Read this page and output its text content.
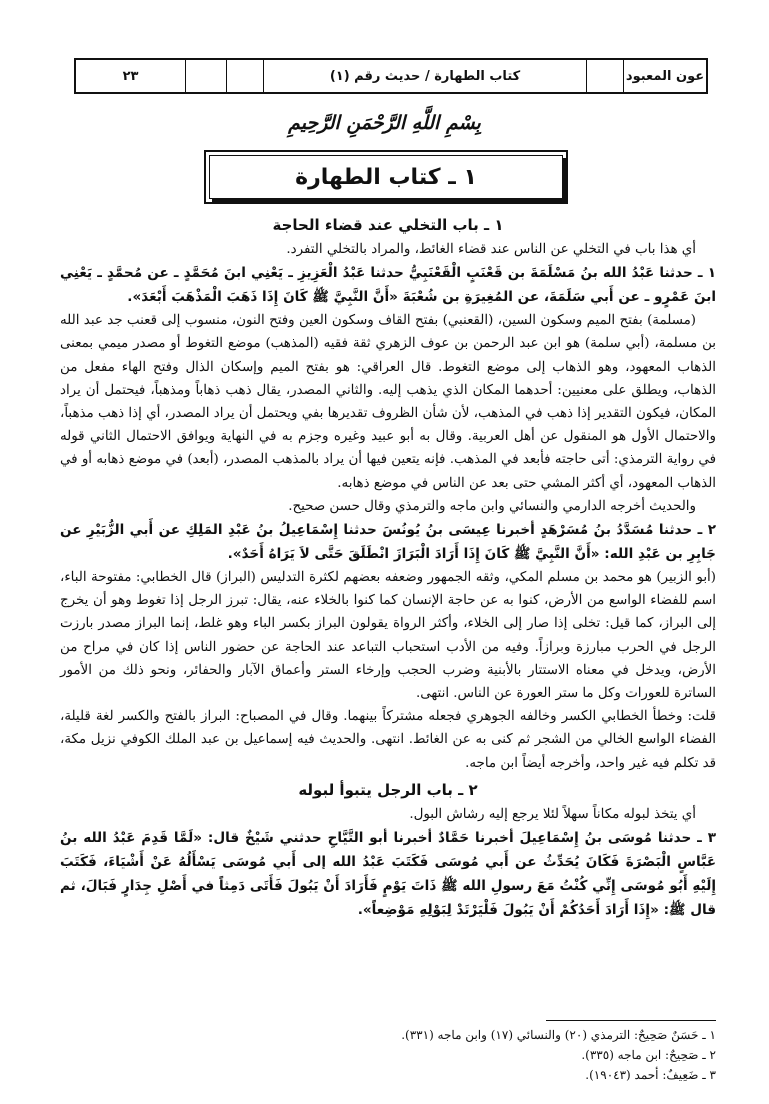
عون المعبود
كتاب الطهارة / حديث رقم (١)
٢٣
بِسْمِ اللَّهِ الرَّحْمَنِ الرَّحِيمِ
١ ـ كتاب الطهارة

١ ـ باب التخلي عند قضاء الحاجة

أي هذا باب في التخلي عن الناس عند قضاء الغائط، والمراد بالتخلي التفرد.

١ ـ حدثنا عَبْدُ الله بنُ مَسْلَمَةَ بن قَعْنَبٍ الْقَعْنَبِيُّ حدثنا عَبْدُ الْعَزِيزِ ـ يَعْنِي ابنَ مُحَمَّدٍ ـ عن مُحمَّدٍ ـ يَعْنِي ابنَ عَمْرٍو ـ عن أَبي سَلَمَةَ، عن المُغِيرَةِ بن شُعْبَةَ «أَنَّ النَّبِيَّ ﷺ كَانَ إِذَا ذَهَبَ الْمَذْهَبَ أَبْعَدَ».

(مسلمة) بفتح الميم وسكون السين، (القعنبي) بفتح القاف وسكون العين وفتح النون، منسوب إلى قعنب جد عبد الله بن مسلمة، (أبي سلمة) هو ابن عبد الرحمن بن عوف الزهري ثقة فقيه (المذهب) موضع التغوط أو مصدر ميمي بمعنى الذهاب المعهود، وهو الذهاب إلى موضع التغوط. قال العراقي: هو بفتح الميم وإسكان الذال وفتح الهاء مفعل من الذهاب، ويطلق على معنيين: أحدهما المكان الذي يذهب إليه. والثاني المصدر، يقال ذهب ذهاباً ومذهباً، فيحتمل أن يراد المكان، فيكون التقدير إذا ذهب في المذهب، لأن شأن الظروف تقديرها بفي ويحتمل أن يراد المصدر، أي إذا ذهب مذهباً، والاحتمال الأول هو المنقول عن أهل العربية. وقال به أبو عبيد وغيره وجزم به في النهاية ويوافق الاحتمال الثاني قوله في رواية الترمذي: أتى حاجته فأبعد في المذهب. فإنه يتعين فيها أن يراد بالمذهب المصدر، (أبعد) في موضع ذهابه أو في الذهاب المعهود، أي أكثر المشي حتى بعد عن الناس في موضع ذهابه.

والحديث أخرجه الدارمي والنسائي وابن ماجه والترمذي وقال حسن صحيح.

٢ ـ حدثنا مُسَدَّدُ بنُ مُسَرْهَدٍ أخبرنا عِيسَى بنُ يُونُسَ حدثنا إِسْمَاعِيلُ بنُ عَبْدِ المَلِكِ عن أَبي الزُّبَيْرِ عن جَابِرِ بن عَبْدِ الله: «أَنَّ النَّبِيَّ ﷺ كَانَ إِذَا أَرَادَ الْبَرَازَ انْطَلَقَ حَتَّى لاَ يَرَاهُ أَحَدٌ».

(أبو الزبير) هو محمد بن مسلم المكي، وثقه الجمهور وضعفه بعضهم لكثرة التدليس (البراز) قال الخطابي: مفتوحة الباء، اسم للفضاء الواسع من الأرض، كنوا به عن حاجة الإنسان كما كنوا بالخلاء عنه، يقال: تبرز الرجل إذا تغوط وهو أن يخرج إلى البراز، كما قيل: تخلى إذا صار إلى الخلاء، وأكثر الرواة يقولون البراز بكسر الباء وهو غلط، إنما البراز مصدر بارزت الرجل في الحرب مبارزة وبرازاً. وفيه من الأدب استحباب التباعد عند الحاجة عن حضور الناس إذا كان في مراح من الأرض، ويدخل في معناه الاستتار بالأبنية وضرب الحجب وإرخاء الستر وأعماق الآبار والحفائر، ونحو ذلك من الأمور الساترة للعورات وكل ما ستر العورة عن الناس. انتهى.

قلت: وخطأ الخطابي الكسر وخالفه الجوهري فجعله مشتركاً بينهما. وقال في المصباح: البراز بالفتح والكسر لغة قليلة، الفضاء الواسع الخالي من الشجر ثم كنى به عن الغائط. انتهى. والحديث فيه إسماعيل بن عبد الملك الكوفي نزيل مكة، قد تكلم فيه غير واحد، وأخرجه أيضاً ابن ماجه.

٢ ـ باب الرجل يتبوأ لبوله

أي يتخذ لبوله مكاناً سهلاً لئلا يرجع إليه رشاش البول.

٣ ـ حدثنا مُوسَى بنُ إِسْمَاعِيلَ أخبرنا حَمَّادٌ أخبرنا أبو التَّيَّاحِ حدثني شَيْخٌ قال: «لَمَّا قَدِمَ عَبْدُ الله بنُ عَبَّاسٍ الْبَصْرَةَ فَكَانَ يُحَدِّثُ عن أَبي مُوسَى فَكَتَبَ عَبْدُ الله إلى أَبي مُوسَى يَسْأَلُهُ عَنْ أَشْيَاءَ، فَكَتَبَ إِلَيْهِ أَبُو مُوسَى إِنِّي كُنْتُ مَعَ رسولِ الله ﷺ ذَاتَ يَوْمٍ فَأَرَادَ أَنْ يَبُولَ فَأَتَى دَمِثاً في أَصْلِ جِدَارٍ فَبَالَ، ثم قال ﷺ: «إِذَا أَرَادَ أَحَدُكُمْ أَنْ يَبُولَ فَلْيَرْتَدْ لِبَوْلِهِ مَوْضِعاً».

١ ـ حَسَنٌ صَحِيحٌ: الترمذي (٢٠) والنسائي (١٧) وابن ماجه (٣٣١).
٢ ـ صَحِيحٌ: ابن ماجه (٣٣٥).
٣ ـ ضَعِيفٌ: أحمد (١٩٠٤٣).
